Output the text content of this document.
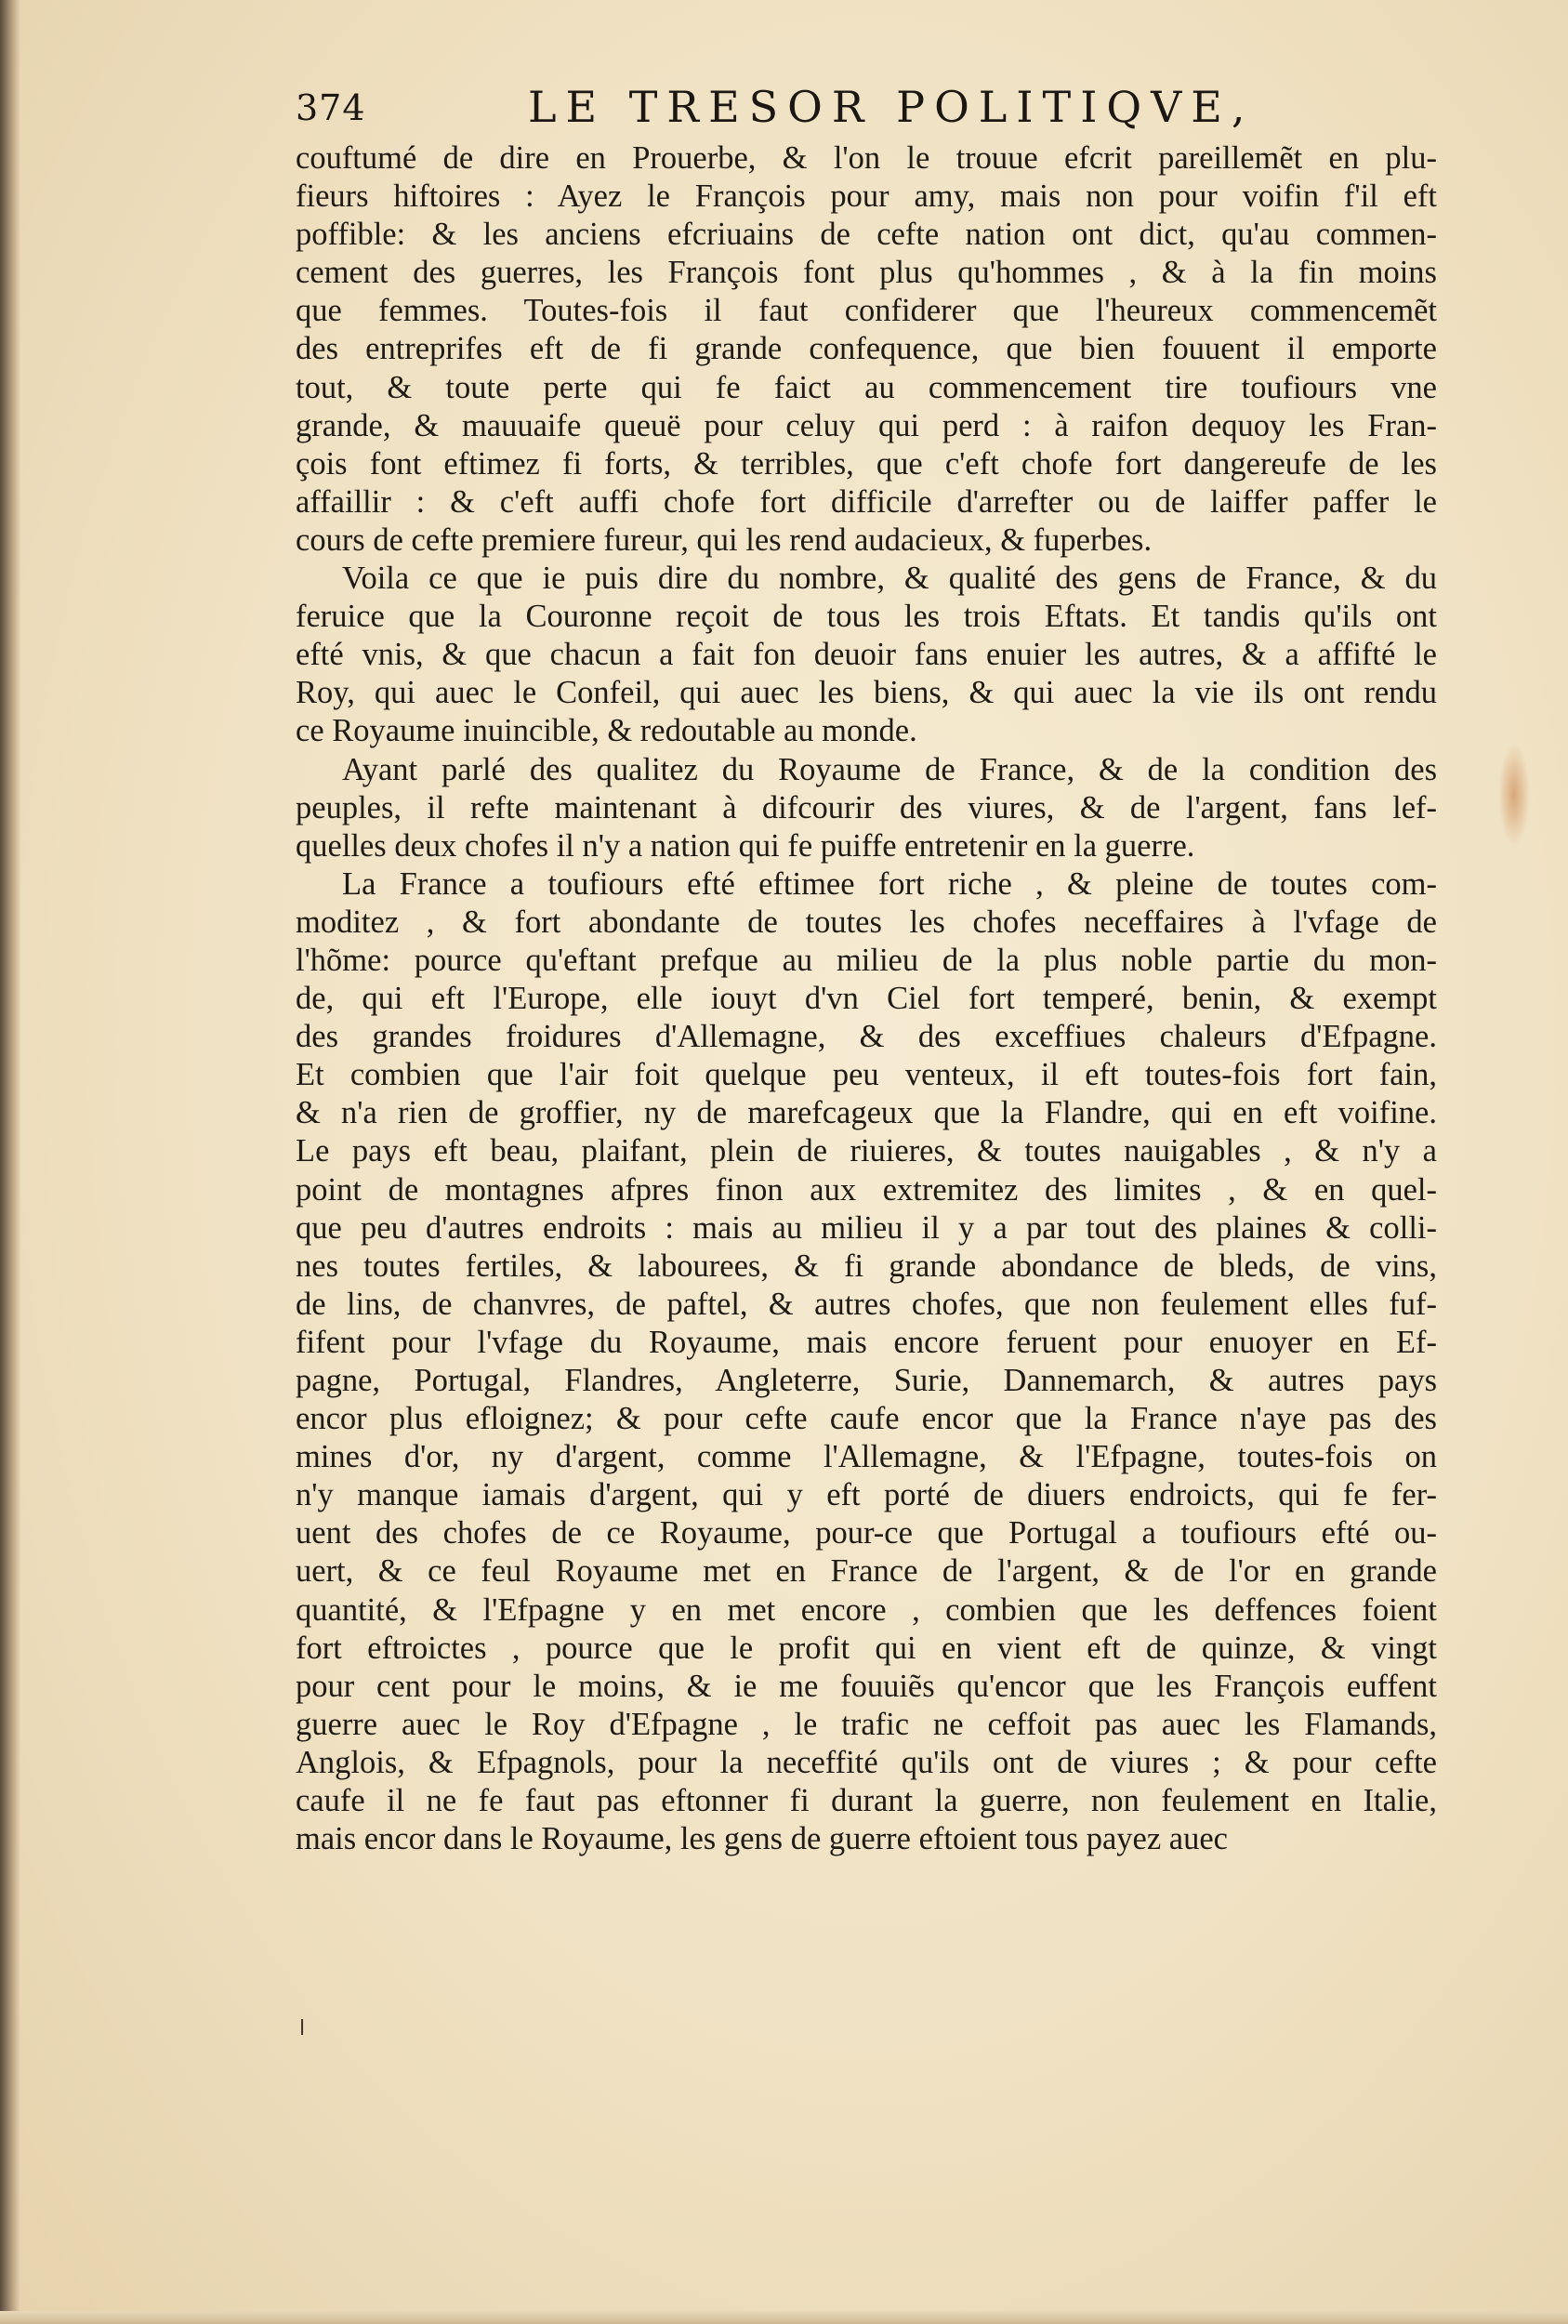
374	LE TRESOR POLITIQVE,
couftumé de dire en Prouerbe, & l'on le trouue efcrit pareillemẽt en plu-
fieurs hiftoires : Ayez le François pour amy, mais non pour voifin f'il eft
poffible: & les anciens efcriuains de cefte nation ont dict, qu'au commen-
cement des guerres, les François font plus qu'hommes , & à la fin moins
que femmes. Toutes-fois il faut confiderer que l'heureux commencemẽt
des entreprifes eft de fi grande confequence, que bien fouuent il emporte
tout, & toute perte qui fe faict au commencement tire toufiours vne
grande, & mauuaife queuë pour celuy qui perd : à raifon dequoy les Fran-
çois font eftimez fi forts, & terribles, que c'eft chofe fort dangereufe de les
affaillir : & c'eft auffi chofe fort difficile d'arrefter ou de laiffer paffer le
cours de cefte premiere fureur, qui les rend audacieux, & fuperbes.
Voila ce que ie puis dire du nombre, & qualité des gens de France, & du
feruice que la Couronne reçoit de tous les trois Eftats. Et tandis qu'ils ont
efté vnis, & que chacun a fait fon deuoir fans enuier les autres, & a affifté le
Roy, qui auec le Confeil, qui auec les biens, & qui auec la vie ils ont rendu
ce Royaume inuincible, & redoutable au monde.
Ayant parlé des qualitez du Royaume de France, & de la condition des
peuples, il refte maintenant à difcourir des viures, & de l'argent, fans lef-
quelles deux chofes il n'y a nation qui fe puiffe entretenir en la guerre.
La France a toufiours efté eftimee fort riche , & pleine de toutes com-
moditez , & fort abondante de toutes les chofes neceffaires à l'vfage de
l'hõme: pource qu'eftant prefque au milieu de la plus noble partie du mon-
de, qui eft l'Europe, elle iouyt d'vn Ciel fort temperé, benin, & exempt
des grandes froidures d'Allemagne, & des exceffiues chaleurs d'Efpagne.
Et combien que l'air foit quelque peu venteux, il eft toutes-fois fort fain,
& n'a rien de groffier, ny de marefcageux que la Flandre, qui en eft voifine.
Le pays eft beau, plaifant, plein de riuieres, & toutes nauigables , & n'y a
point de montagnes afpres finon aux extremitez des limites , & en quel-
que peu d'autres endroits : mais au milieu il y a par tout des plaines & colli-
nes toutes fertiles, & labourees, & fi grande abondance de bleds, de vins,
de lins, de chanvres, de paftel, & autres chofes, que non feulement elles fuf-
fifent pour l'vfage du Royaume, mais encore feruent pour enuoyer en Ef-
pagne, Portugal, Flandres, Angleterre, Surie, Dannemarch, & autres pays
encor plus efloignez; & pour cefte caufe encor que la France n'aye pas des
mines d'or, ny d'argent, comme l'Allemagne, & l'Efpagne, toutes-fois on
n'y manque iamais d'argent, qui y eft porté de diuers endroicts, qui fe fer-
uent des chofes de ce Royaume, pour-ce que Portugal a toufiours efté ou-
uert, & ce feul Royaume met en France de l'argent, & de l'or en grande
quantité, & l'Efpagne y en met encore , combien que les deffences foient
fort eftroictes , pource que le profit qui en vient eft de quinze, & vingt
pour cent pour le moins, & ie me fouuiẽs qu'encor que les François euffent
guerre auec le Roy d'Efpagne , le trafic ne ceffoit pas auec les Flamands,
Anglois, & Efpagnols, pour la neceffité qu'ils ont de viures ; & pour cefte
caufe il ne fe faut pas eftonner fi durant la guerre, non feulement en Italie,
mais encor dans le Royaume, les gens de guerre eftoient tous payez auec
l
